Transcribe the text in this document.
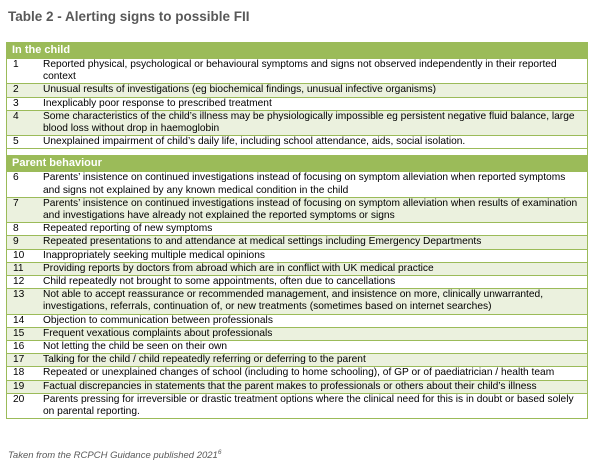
Table 2 - Alerting signs to possible FII
In the child	
1	Reported physical, psychological or behavioural symptoms and signs not observed independently in their reported context
2	Unusual results of investigations (eg biochemical findings, unusual infective organisms)
3	Inexplicably poor response to prescribed treatment
4	Some characteristics of the child’s illness may be physiologically impossible eg persistent negative fluid balance, large blood loss without drop in haemoglobin
5	Unexplained impairment of child’s daily life, including school attendance, aids, social isolation.

Parent behaviour	
6	Parents’ insistence on continued investigations instead of focusing on symptom alleviation when reported symptoms and signs not explained by any known medical condition in the child
7	Parents’ insistence on continued investigations instead of focusing on symptom alleviation when results of examination and investigations have already not explained the reported symptoms or signs
8	Repeated reporting of new symptoms
9	Repeated presentations to and attendance at medical settings including Emergency Departments
10	Inappropriately seeking multiple medical opinions
11	Providing reports by doctors from abroad which are in conflict with UK medical practice
12	Child repeatedly not brought to some appointments, often due to cancellations
13	Not able to accept reassurance or recommended management, and insistence on more, clinically unwarranted, investigations, referrals, continuation of, or new treatments (sometimes based on internet searches)
14	Objection to communication between professionals
15	Frequent vexatious complaints about professionals
16	Not letting the child be seen on their own
17	Talking for the child / child repeatedly referring or deferring to the parent
18	Repeated or unexplained changes of school (including to home schooling), of GP or of paediatrician / health team
19	Factual discrepancies in statements that the parent makes to professionals or others about their child’s illness
20	Parents pressing for irreversible or drastic treatment options where the clinical need for this is in doubt or based solely on parental reporting.
Taken from the RCPCH Guidance published 2021$^6$
